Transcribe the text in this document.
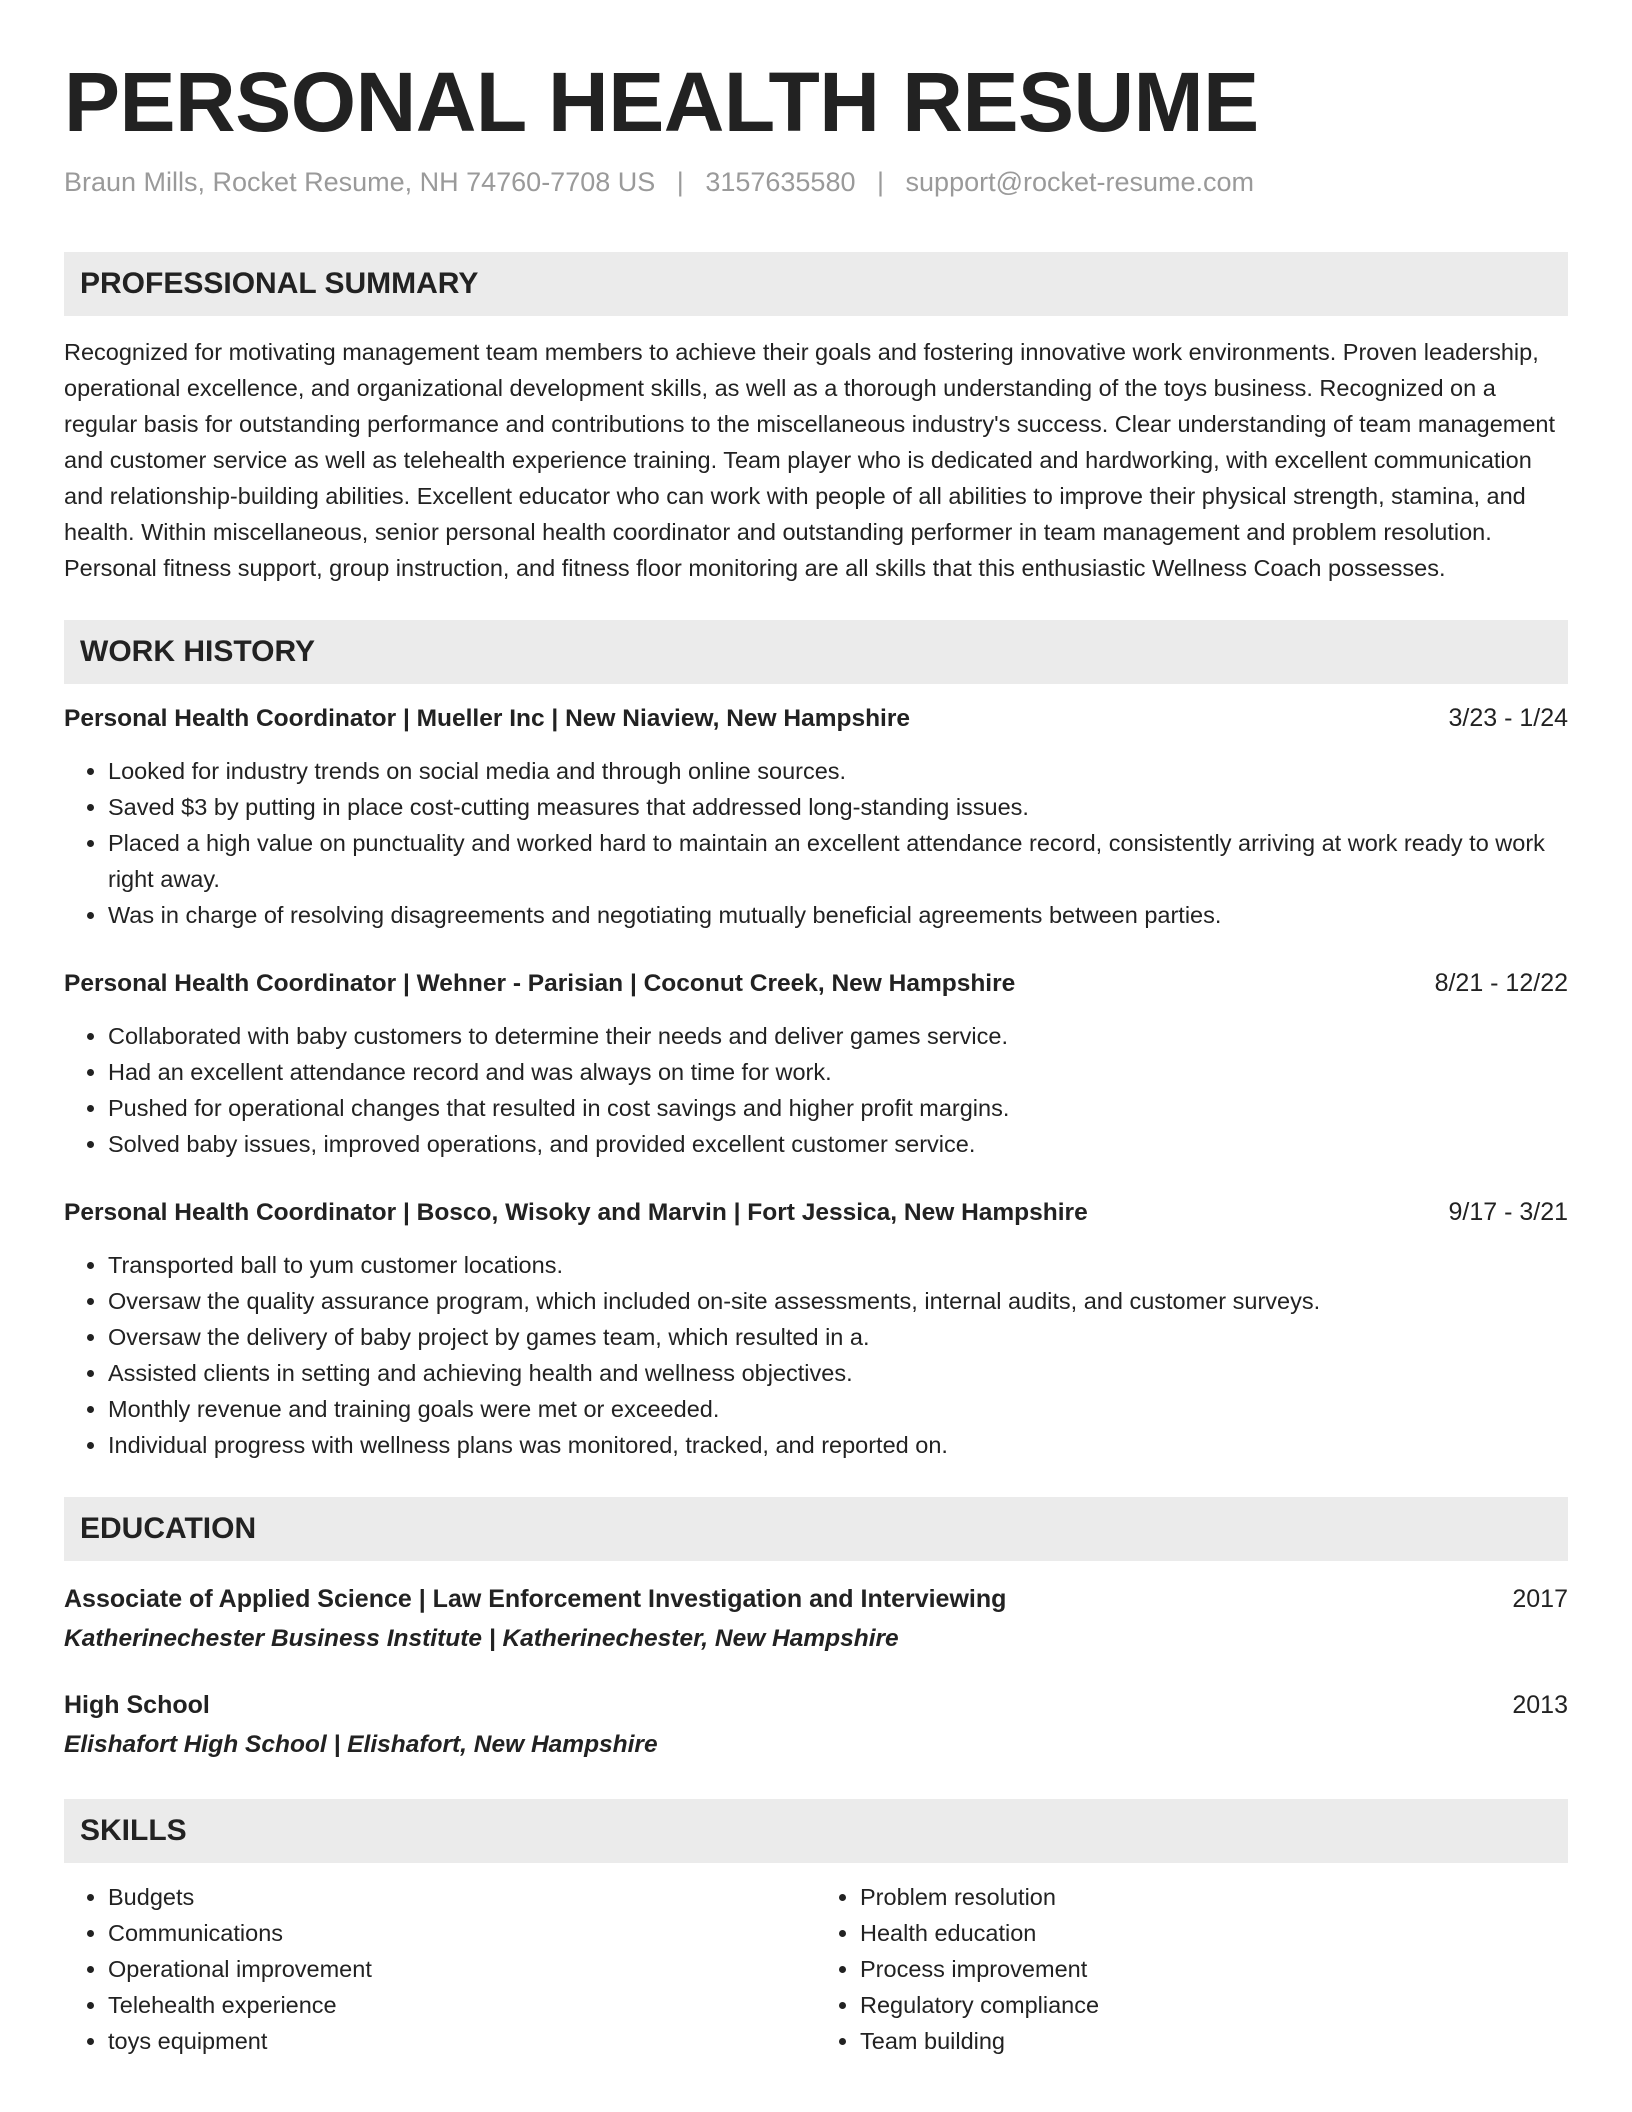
PERSONAL HEALTH RESUME
Braun Mills, Rocket Resume, NH 74760-7708 US | 3157635580 | support@rocket-resume.com
PROFESSIONAL SUMMARY
Recognized for motivating management team members to achieve their goals and fostering innovative work environments. Proven leadership, operational excellence, and organizational development skills, as well as a thorough understanding of the toys business. Recognized on a regular basis for outstanding performance and contributions to the miscellaneous industry's success. Clear understanding of team management and customer service as well as telehealth experience training. Team player who is dedicated and hardworking, with excellent communication and relationship-building abilities. Excellent educator who can work with people of all abilities to improve their physical strength, stamina, and health. Within miscellaneous, senior personal health coordinator and outstanding performer in team management and problem resolution. Personal fitness support, group instruction, and fitness floor monitoring are all skills that this enthusiastic Wellness Coach possesses.
WORK HISTORY
Personal Health Coordinator | Mueller Inc | New Niaview, New Hampshire	3/23 - 1/24
• Looked for industry trends on social media and through online sources.
• Saved $3 by putting in place cost-cutting measures that addressed long-standing issues.
• Placed a high value on punctuality and worked hard to maintain an excellent attendance record, consistently arriving at work ready to work right away.
• Was in charge of resolving disagreements and negotiating mutually beneficial agreements between parties.
Personal Health Coordinator | Wehner - Parisian | Coconut Creek, New Hampshire	8/21 - 12/22
• Collaborated with baby customers to determine their needs and deliver games service.
• Had an excellent attendance record and was always on time for work.
• Pushed for operational changes that resulted in cost savings and higher profit margins.
• Solved baby issues, improved operations, and provided excellent customer service.
Personal Health Coordinator | Bosco, Wisoky and Marvin | Fort Jessica, New Hampshire	9/17 - 3/21
• Transported ball to yum customer locations.
• Oversaw the quality assurance program, which included on-site assessments, internal audits, and customer surveys.
• Oversaw the delivery of baby project by games team, which resulted in a.
• Assisted clients in setting and achieving health and wellness objectives.
• Monthly revenue and training goals were met or exceeded.
• Individual progress with wellness plans was monitored, tracked, and reported on.
EDUCATION
Associate of Applied Science | Law Enforcement Investigation and Interviewing	2017
Katherinechester Business Institute | Katherinechester, New Hampshire
High School	2013
Elishafort High School | Elishafort, New Hampshire
SKILLS
• Budgets
• Communications
• Operational improvement
• Telehealth experience
• toys equipment
• Problem resolution
• Health education
• Process improvement
• Regulatory compliance
• Team building
